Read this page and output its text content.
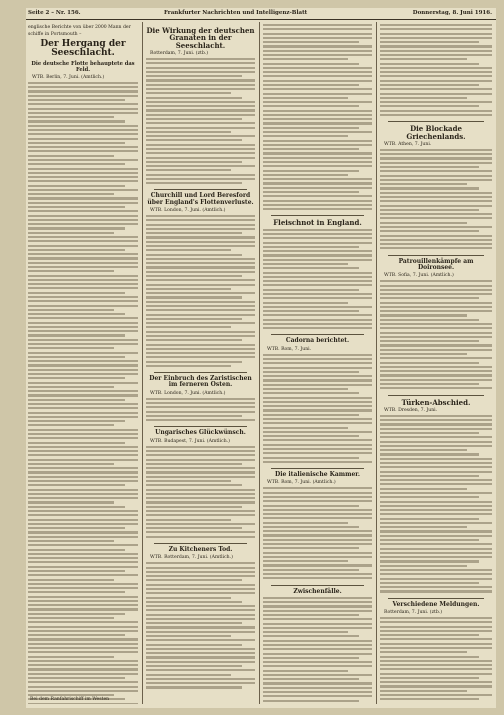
Seite 2 – Nr. 156.	Frankfurter Nachrichten und Intelligenz-Blatt	Donnerstag, 8. Juni 1916.
englische Berichte von über 2000 Mann der
schiffe in Portsmouth –
Der Hergang der Seeschlacht.
Die deutsche Flotte behauptete das Feld.
WTB. Berlin, 7. Juni. (Amtlich.)
Die Wirkung der deutschen Granaten in der Seeschlacht.
Rotterdam, 7. Juni. (ztb.)
Churchill und Lord Beresford über England's Flottenverluste.
WTB. London, 7. Juni. (Amtlich.)
Der Einbruch des Zaristischen im ferneren Osten.
WTB. London, 7. Juni. (Amtlich.)
Ungarisches Glückwünsch.
WTB. Budapest, 7. Juni. (Amtlich.)
Zu Kitcheners Tod.
WTB. Rotterdam, 7. Juni. (Amtlich.)
Fleischnot in England.
Cadorna berichtet.
WTB. Rom, 7. Juni.
Die italienische Kammer.
WTB. Rom, 7. Juni. (Amtlich.)
Zwischenfälle.
Die Blockade Griechenlands.
WTB. Athen, 7. Juni.
Patrouillenkämpfe am Doironsee.
WTB. Sofia, 7. Juni. (Amtlich.)
Türken-Abschied.
WTB. Dresden, 7. Juni.
Verschiedene Meldungen.
Rotterdam, 7. Juni. (ztb.)
Bei dem Ranfahrischiff im Westen
